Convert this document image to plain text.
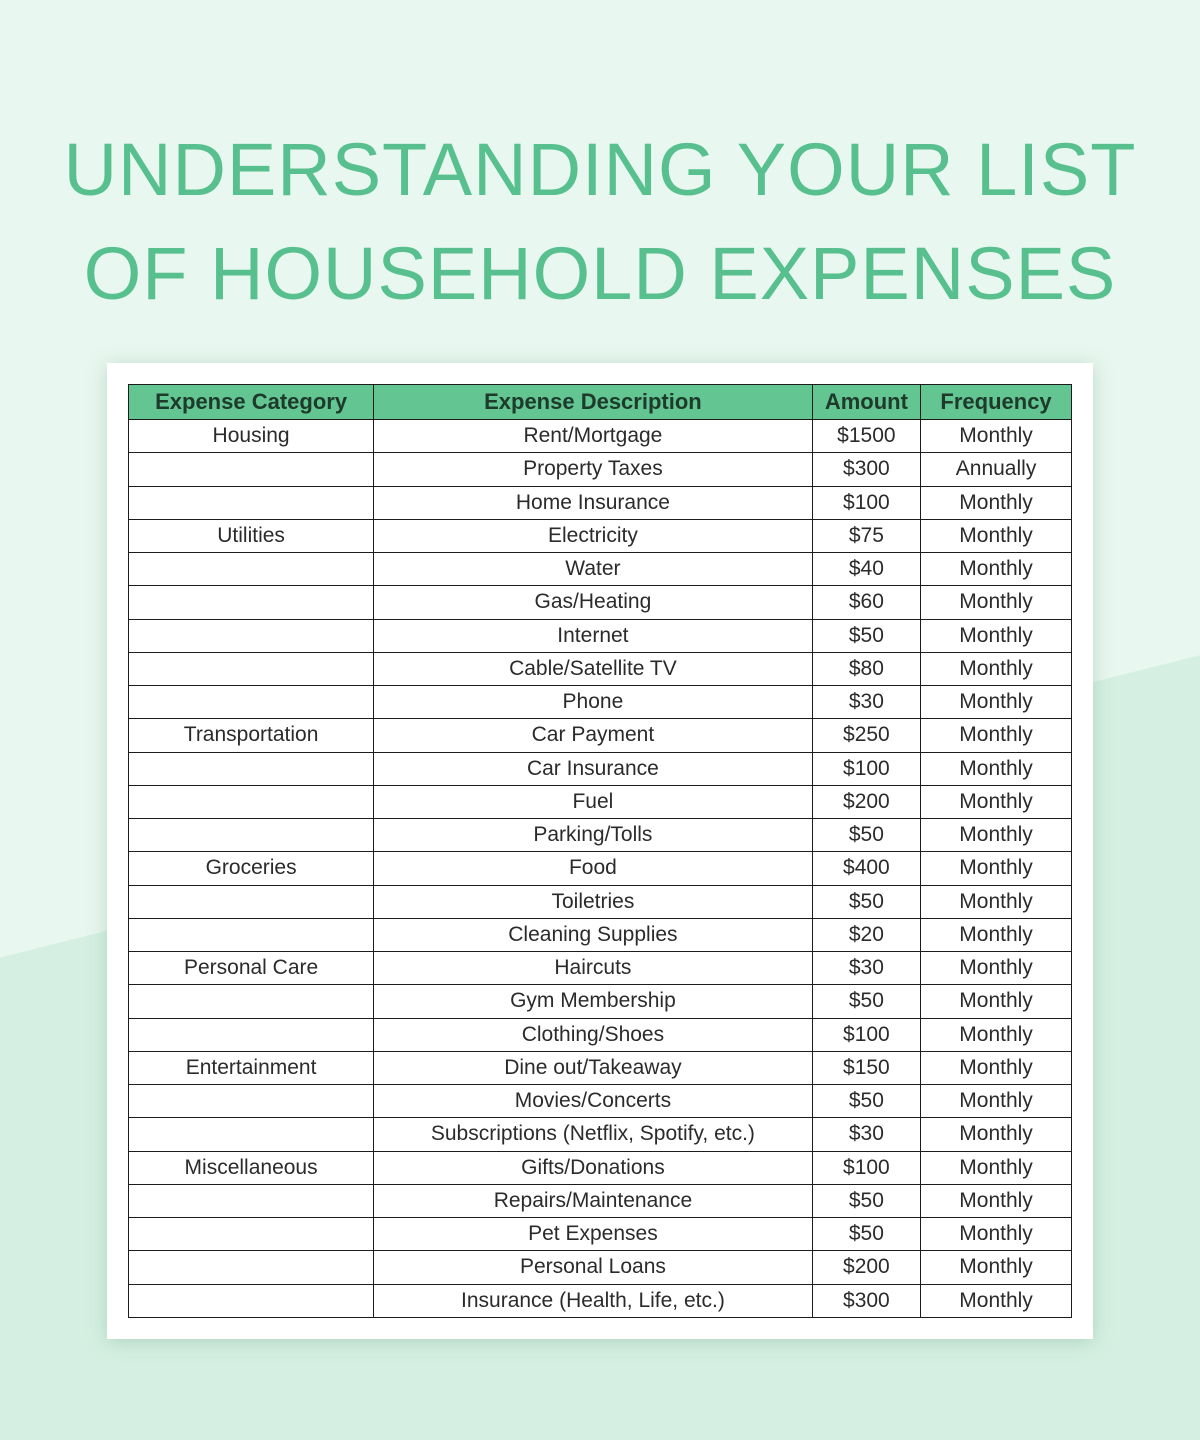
UNDERSTANDING YOUR LIST
OF HOUSEHOLD EXPENSES
Expense Category	Expense Description	Amount	Frequency
Housing	Rent/Mortgage	$1500	Monthly
	Property Taxes	$300	Annually
	Home Insurance	$100	Monthly
Utilities	Electricity	$75	Monthly
	Water	$40	Monthly
	Gas/Heating	$60	Monthly
	Internet	$50	Monthly
	Cable/Satellite TV	$80	Monthly
	Phone	$30	Monthly
Transportation	Car Payment	$250	Monthly
	Car Insurance	$100	Monthly
	Fuel	$200	Monthly
	Parking/Tolls	$50	Monthly
Groceries	Food	$400	Monthly
	Toiletries	$50	Monthly
	Cleaning Supplies	$20	Monthly
Personal Care	Haircuts	$30	Monthly
	Gym Membership	$50	Monthly
	Clothing/Shoes	$100	Monthly
Entertainment	Dine out/Takeaway	$150	Monthly
	Movies/Concerts	$50	Monthly
	Subscriptions (Netflix, Spotify, etc.)	$30	Monthly
Miscellaneous	Gifts/Donations	$100	Monthly
	Repairs/Maintenance	$50	Monthly
	Pet Expenses	$50	Monthly
	Personal Loans	$200	Monthly
	Insurance (Health, Life, etc.)	$300	Monthly
